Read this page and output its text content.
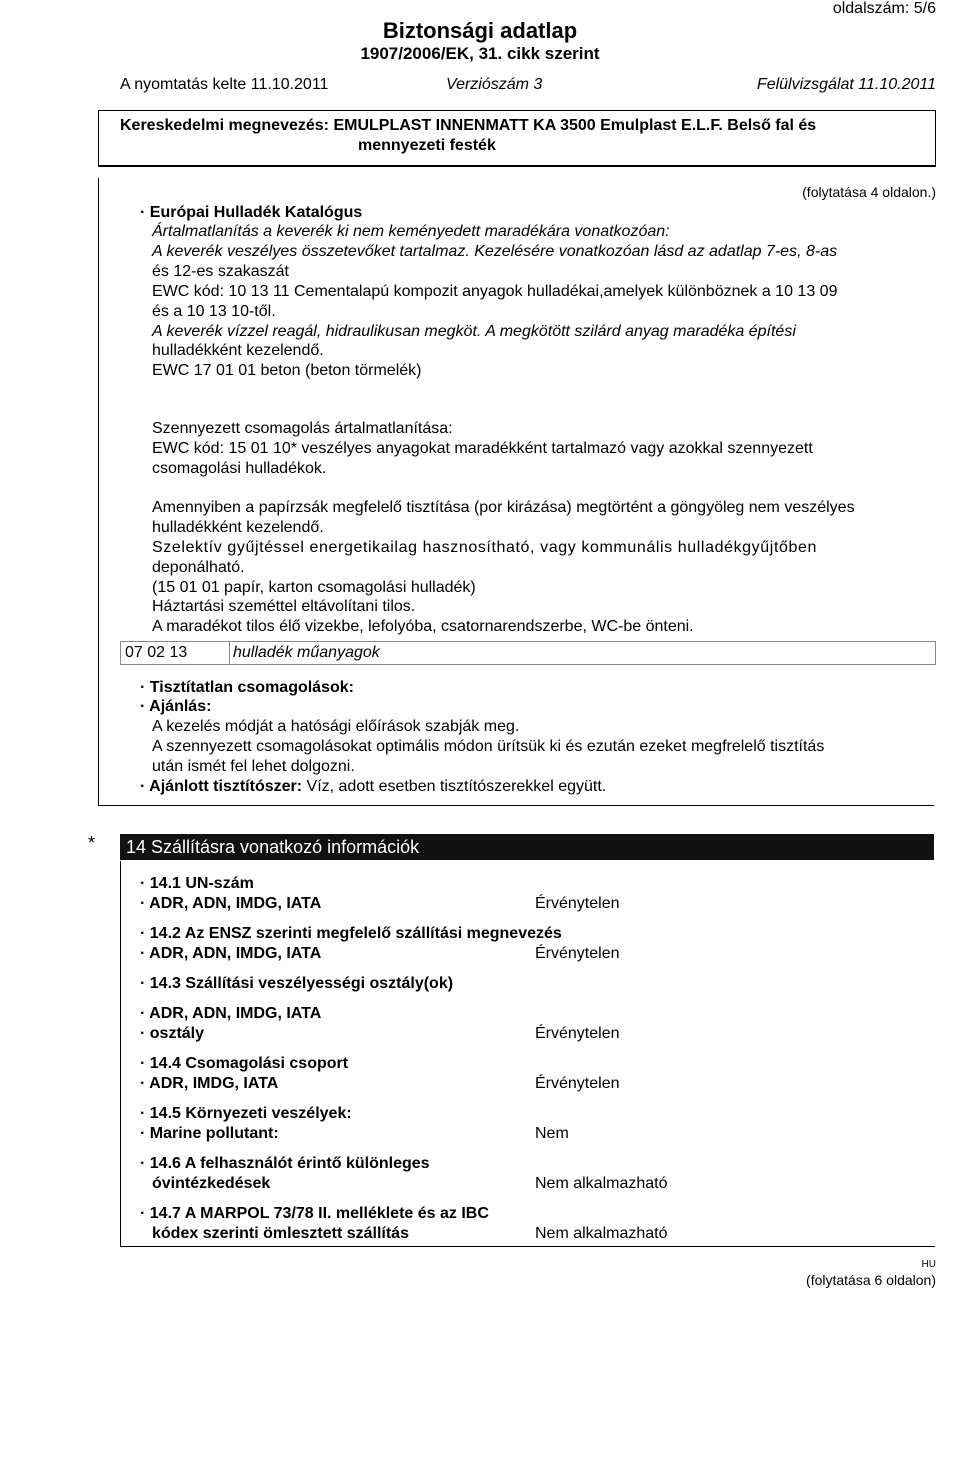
oldalszám: 5/6
Biztonsági adatlap
1907/2006/EK, 31. cikk szerint
A nyomtatás kelte 11.10.2011	Verziószám 3	Felülvizsgálat 11.10.2011
Kereskedelmi megnevezés: EMULPLAST INNENMATT KA 3500 Emulplast E.L.F. Belső fal és
mennyezeti festék
(folytatása 4 oldalon.)
· Európai Hulladék Katalógus
Ártalmatlanítás a keverék ki nem keményedett maradékára vonatkozóan:
A keverék veszélyes összetevőket tartalmaz. Kezelésére vonatkozóan lásd az adatlap 7-es, 8-as
és 12-es szakaszát
EWC kód: 10 13 11 Cementalapú kompozit anyagok hulladékai,amelyek különböznek a 10 13 09
és a 10 13 10-től.
A keverék vízzel reagál, hidraulikusan megköt. A megkötött szilárd anyag maradéka építési
hulladékként kezelendő.
EWC 17 01 01 beton (beton törmelék)
Szennyezett csomagolás ártalmatlanítása:
EWC kód: 15 01 10* veszélyes anyagokat maradékként tartalmazó vagy azokkal szennyezett
csomagolási hulladékok.
Amennyiben a papírzsák megfelelő tisztítása (por kirázása) megtörtént a göngyöleg nem veszélyes
hulladékként kezelendő.
Szelektív gyűjtéssel energetikailag hasznosítható, vagy kommunális hulladékgyűjtőben
deponálható.
(15 01 01 papír, karton csomagolási hulladék)
Háztartási szeméttel eltávolítani tilos.
A maradékot tilos élő vizekbe, lefolyóba, csatornarendszerbe, WC-be önteni.
07 02 13	hulladék műanyagok
· Tisztítatlan csomagolások:
· Ajánlás:
A kezelés módját a hatósági előírások szabják meg.
A szennyezett csomagolásokat optimális módon ürítsük ki és ezután ezeket megfrelelő tisztítás
után ismét fel lehet dolgozni.
· Ajánlott tisztítószer: Víz, adott esetben tisztítószerekkel együtt.
*	14 Szállításra vonatkozó információk
· 14.1 UN-szám
· ADR, ADN, IMDG, IATA	Érvénytelen
· 14.2 Az ENSZ szerinti megfelelő szállítási megnevezés
· ADR, ADN, IMDG, IATA	Érvénytelen
· 14.3 Szállítási veszélyességi osztály(ok)
· ADR, ADN, IMDG, IATA
· osztály	Érvénytelen
· 14.4 Csomagolási csoport
· ADR, IMDG, IATA	Érvénytelen
· 14.5 Környezeti veszélyek:
· Marine pollutant:	Nem
· 14.6 A felhasználót érintő különleges
óvintézkedések	Nem alkalmazható
· 14.7 A MARPOL 73/78 II. melléklete és az IBC
kódex szerinti ömlesztett szállítás	Nem alkalmazható
HU
(folytatása 6 oldalon)
